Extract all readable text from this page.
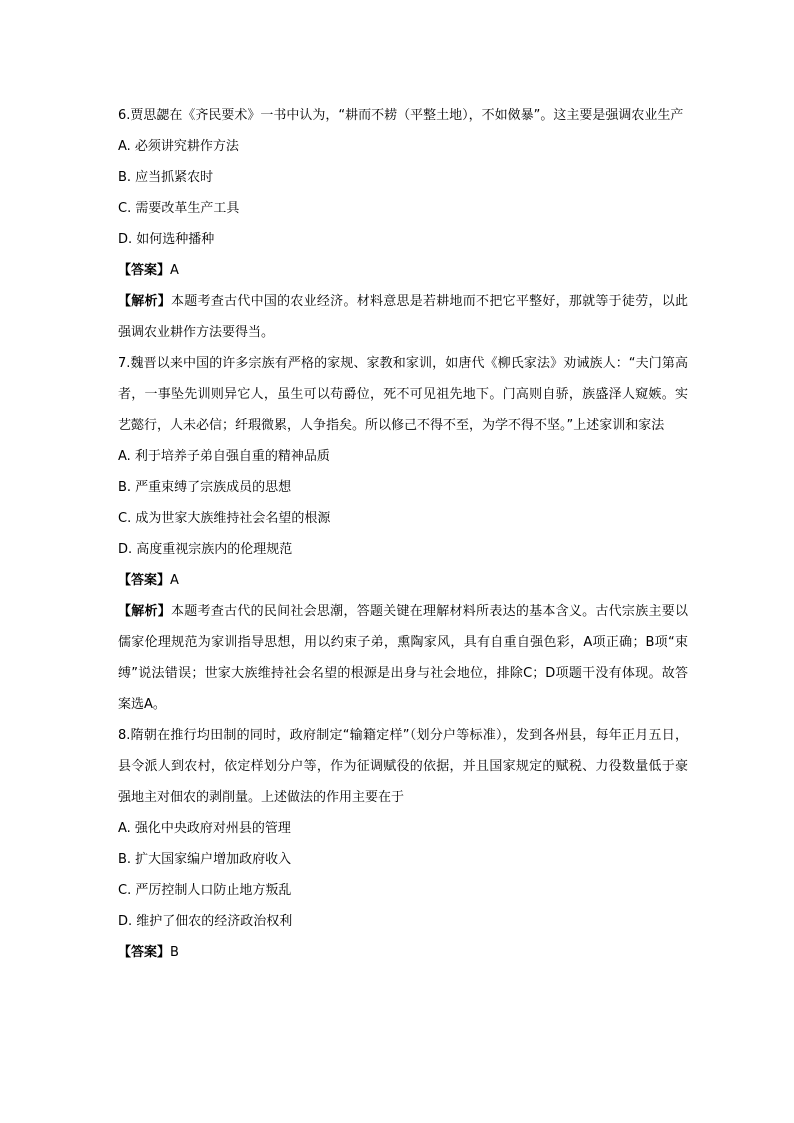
6.贾思勰在《齐民要术》一书中认为，“耕而不耢（平整土地），不如傚暴”。这主要是强调农业生产
A. 必须讲究耕作方法
B. 应当抓紧农时
C. 需要改革生产工具
D. 如何选种播种
【答案】A
【解析】本题考查古代中国的农业经济。材料意思是若耕地而不把它平整好，那就等于徒劳，以此强调农业耕作方法要得当。
7.魏晋以来中国的许多宗族有严格的家规、家教和家训，如唐代《柳氏家法》劝诫族人：“夫门第高者，一事坠先训则异它人，虽生可以苟爵位，死不可见祖先地下。门高则自骄，族盛泽人窥嫉。实艺懿行，人未必信；纤瑕微累，人争指矣。所以修己不得不至，为学不得不坚。”上述家训和家法
A. 利于培养子弟自强自重的精神品质
B. 严重束缚了宗族成员的思想
C. 成为世家大族维持社会名望的根源
D. 高度重视宗族内的伦理规范
【答案】A
【解析】本题考查古代的民间社会思潮，答题关键在理解材料所表达的基本含义。古代宗族主要以儒家伦理规范为家训指导思想，用以约束子弟，熏陶家风，具有自重自强色彩，A项正确；B项“束缚”说法错误；世家大族维持社会名望的根源是出身与社会地位，排除C；D项题干没有体现。故答案选A。
8.隋朝在推行均田制的同时，政府制定“输籍定样”（划分户等标准），发到各州县，每年正月五日，县令派人到农村，依定样划分户等，作为征调赋役的依据，并且国家规定的赋税、力役数量低于豪强地主对佃农的剥削量。上述做法的作用主要在于
A. 强化中央政府对州县的管理
B. 扩大国家编户增加政府收入
C. 严厉控制人口防止地方叛乱
D. 维护了佃农的经济政治权利
【答案】B
